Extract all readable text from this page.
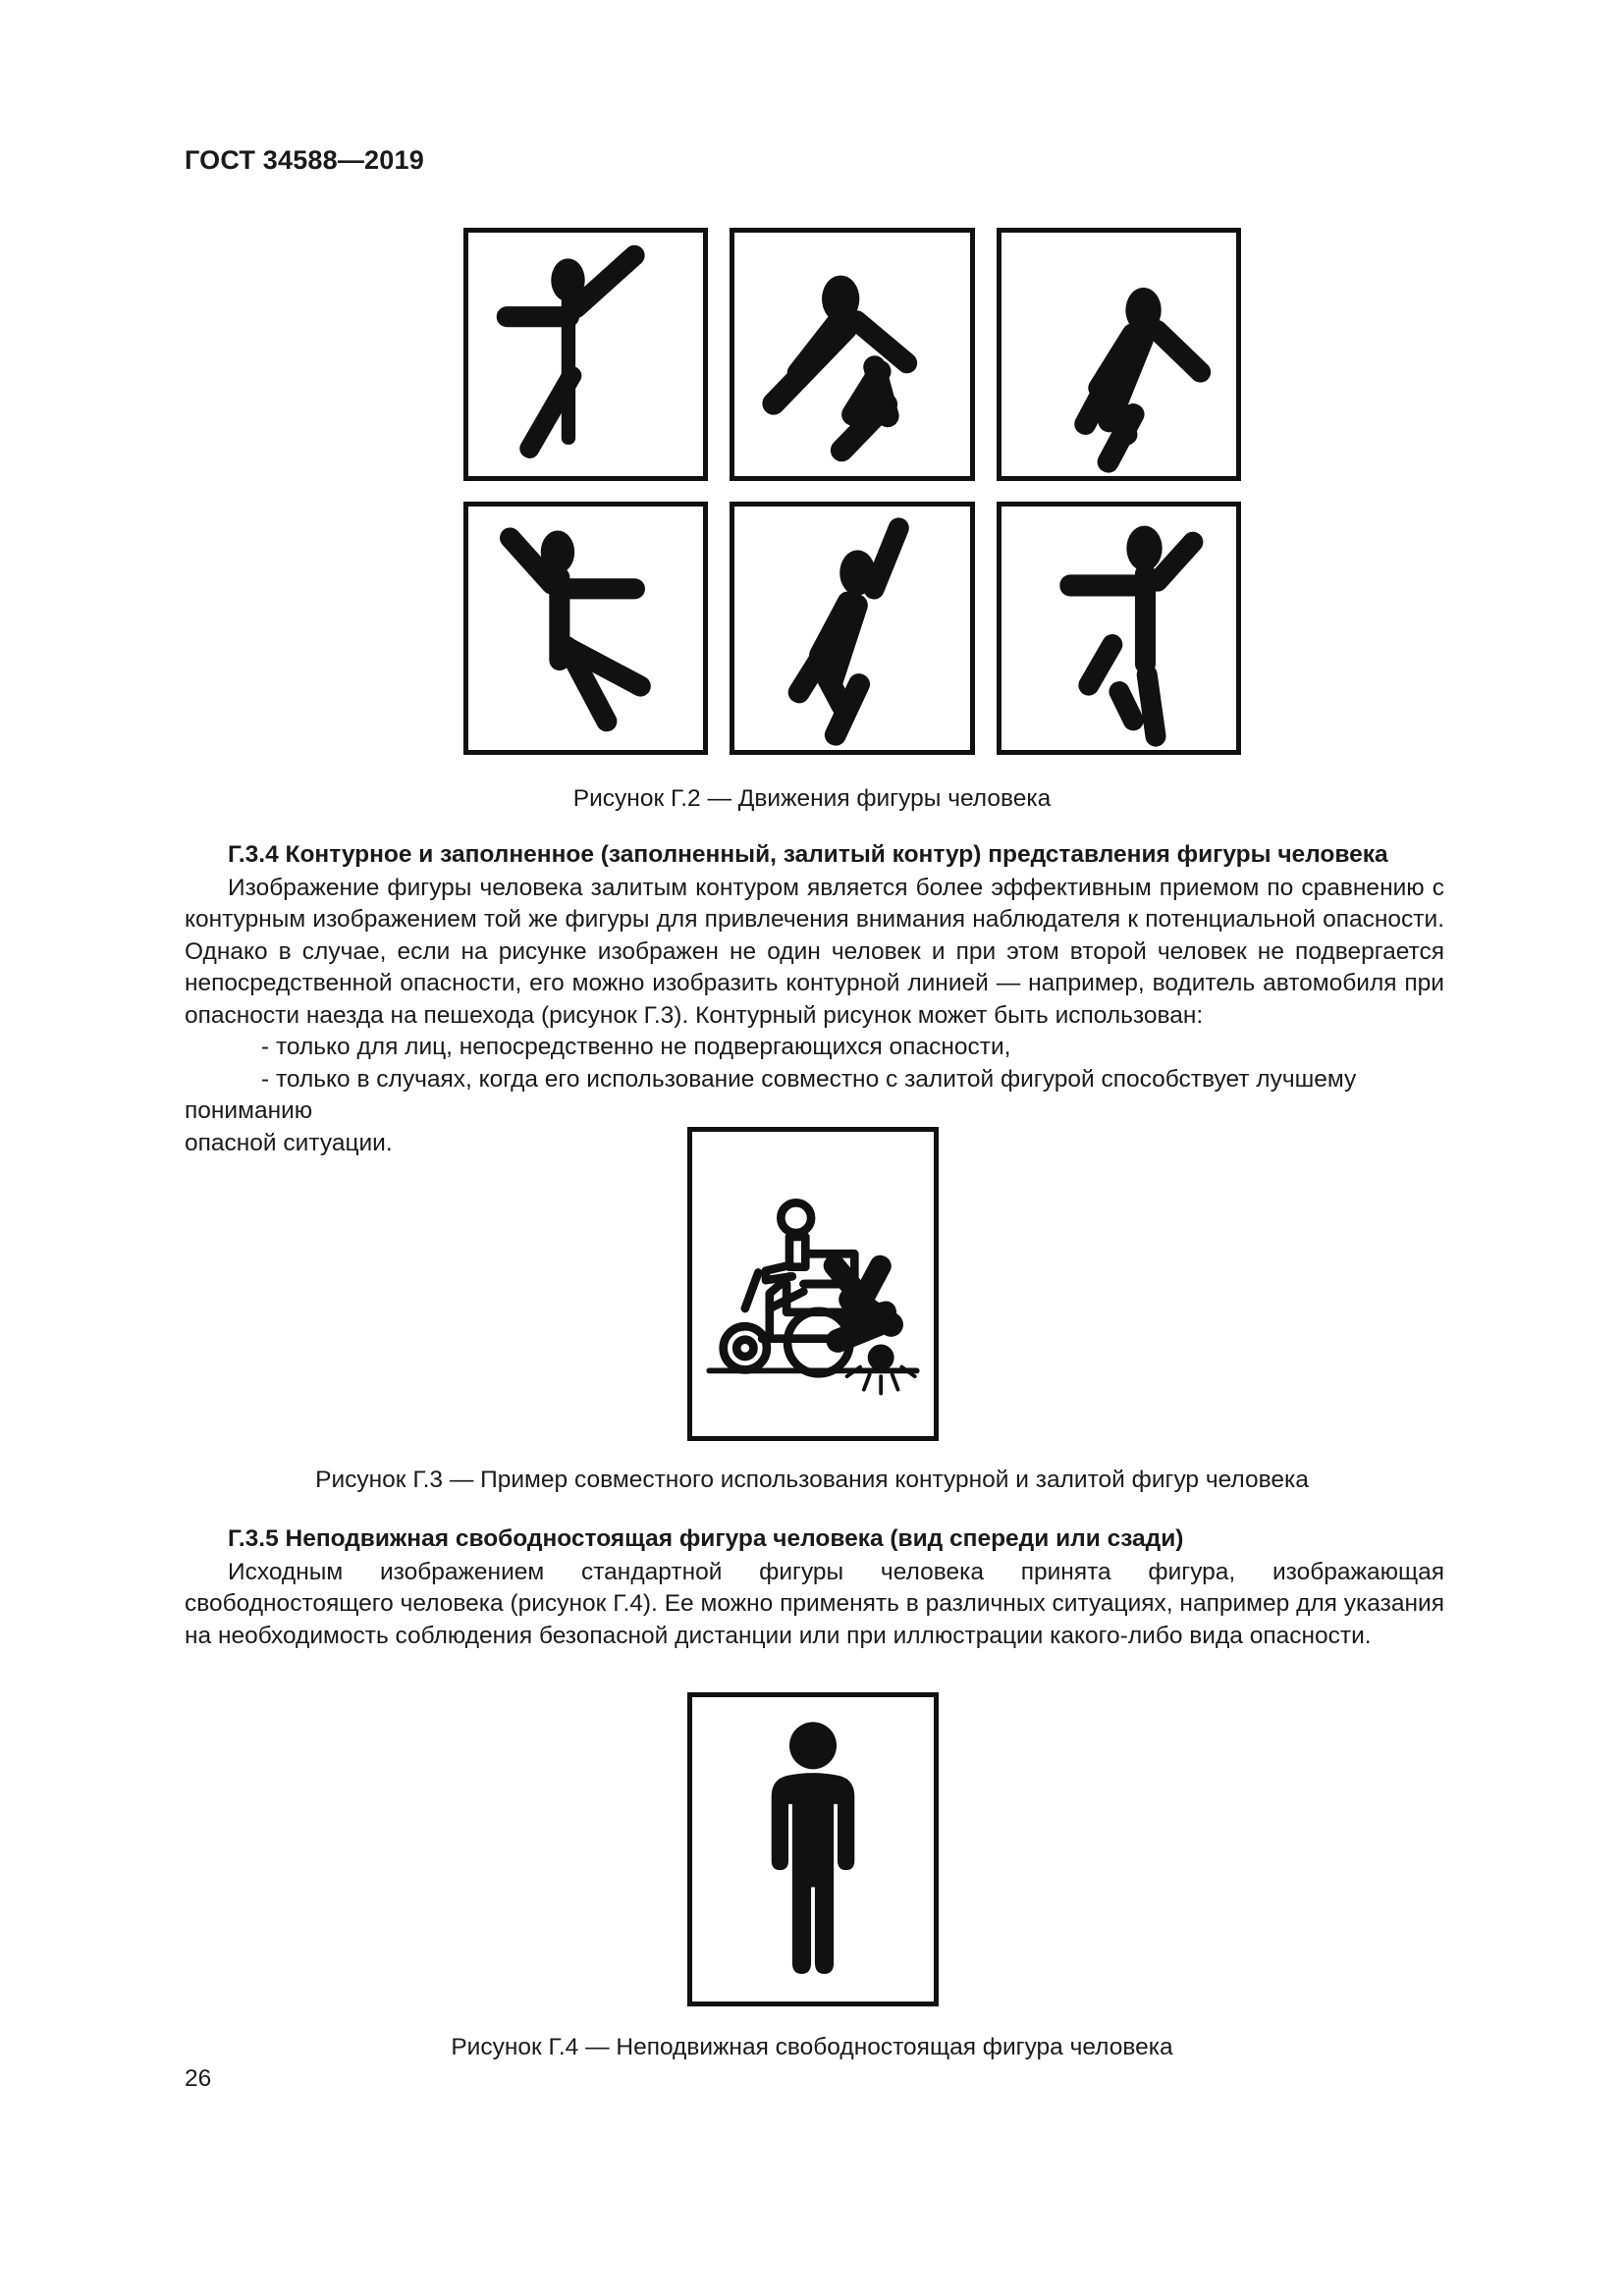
ГОСТ 34588—2019
Рисунок Г.2 — Движения фигуры человека

Г.3.4 Контурное и заполненное (заполненный, залитый контур) представления фигуры человека

Изображение фигуры человека залитым контуром является более эффективным приемом по сравнению с контурным изображением той же фигуры для привлечения внимания наблюдателя к потенциальной опасности. Однако в случае, если на рисунке изображен не один человек и при этом второй человек не подвергается непосредственной опасности, его можно изобразить контурной линией — например, водитель автомобиля при опасности наезда на пешехода (рисунок Г.3). Контурный рисунок может быть использован:

- только для лиц, непосредственно не подвергающихся опасности,

- только в случаях, когда его использование совместно с залитой фигурой способствует лучшему пониманию

опасной ситуации.

Рисунок Г.3 — Пример совместного использования контурной и залитой фигур человека

Г.3.5 Неподвижная свободностоящая фигура человека (вид спереди или сзади)

Исходным изображением стандартной фигуры человека принята фигура, изображающая свободностоящего человека (рисунок Г.4). Ее можно применять в различных ситуациях, например для указания на необходимость соблюдения безопасной дистанции или при иллюстрации какого-либо вида опасности.

Рисунок Г.4 — Неподвижная свободностоящая фигура человека
26
